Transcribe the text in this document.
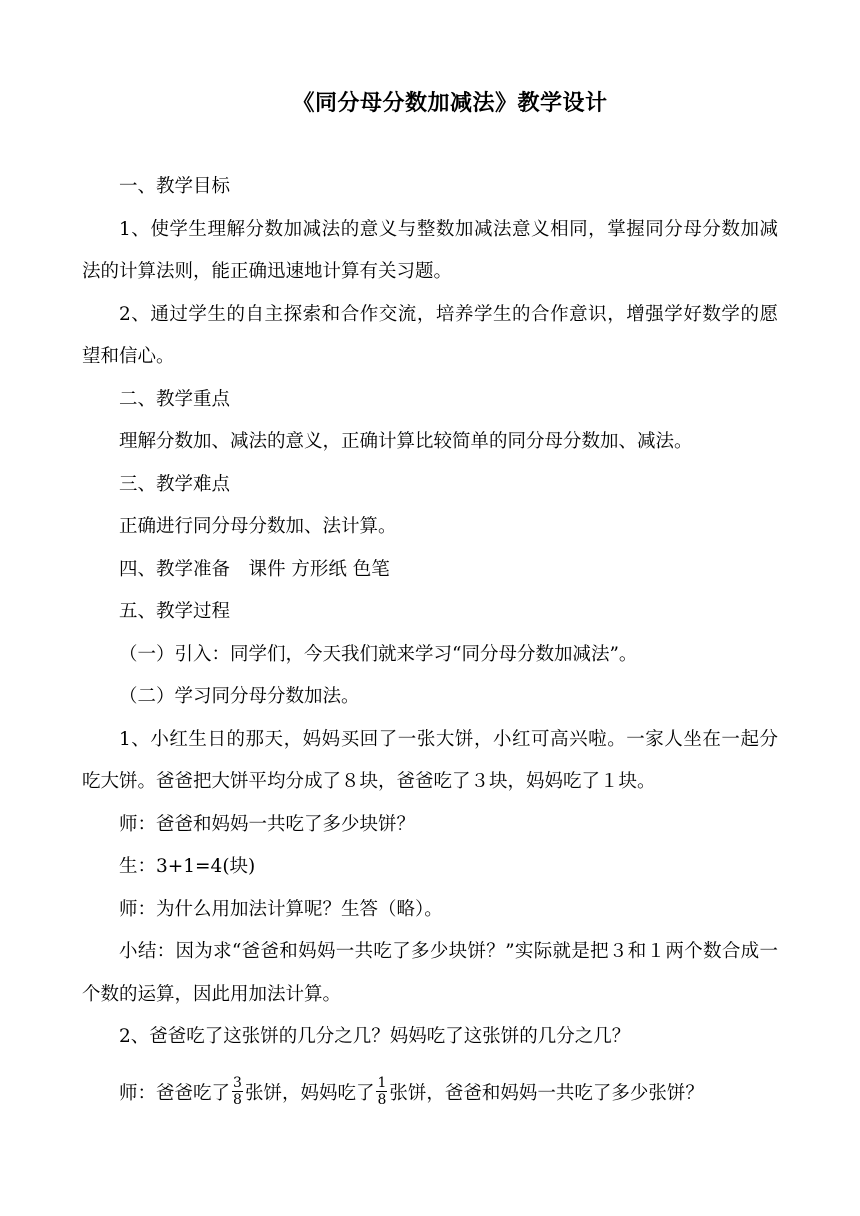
《同分母分数加减法》教学设计

一、教学目标

1、使学生理解分数加减法的意义与整数加减法意义相同，掌握同分母分数加减法的计算法则，能正确迅速地计算有关习题。

2、通过学生的自主探索和合作交流，培养学生的合作意识，增强学好数学的愿望和信心。

二、教学重点

理解分数加、减法的意义，正确计算比较简单的同分母分数加、减法。

三、教学难点

正确进行同分母分数加、法计算。

四、教学准备　课件 方形纸 色笔

五、教学过程

（一）引入：同学们，今天我们就来学习“同分母分数加减法”。

（二）学习同分母分数加法。

1、小红生日的那天，妈妈买回了一张大饼，小红可高兴啦。一家人坐在一起分吃大饼。爸爸把大饼平均分成了８块，爸爸吃了３块，妈妈吃了１块。

师：爸爸和妈妈一共吃了多少块饼？

生：3+1=4(块)

师：为什么用加法计算呢？生答（略）。

小结：因为求“爸爸和妈妈一共吃了多少块饼？”实际就是把３和１两个数合成一个数的运算，因此用加法计算。

2、爸爸吃了这张饼的几分之几？妈妈吃了这张饼的几分之几？

师：爸爸吃了 $\frac{3}{8}$ 张饼，妈妈吃了 $\frac{1}{8}$ 张饼，爸爸和妈妈一共吃了多少张饼？
